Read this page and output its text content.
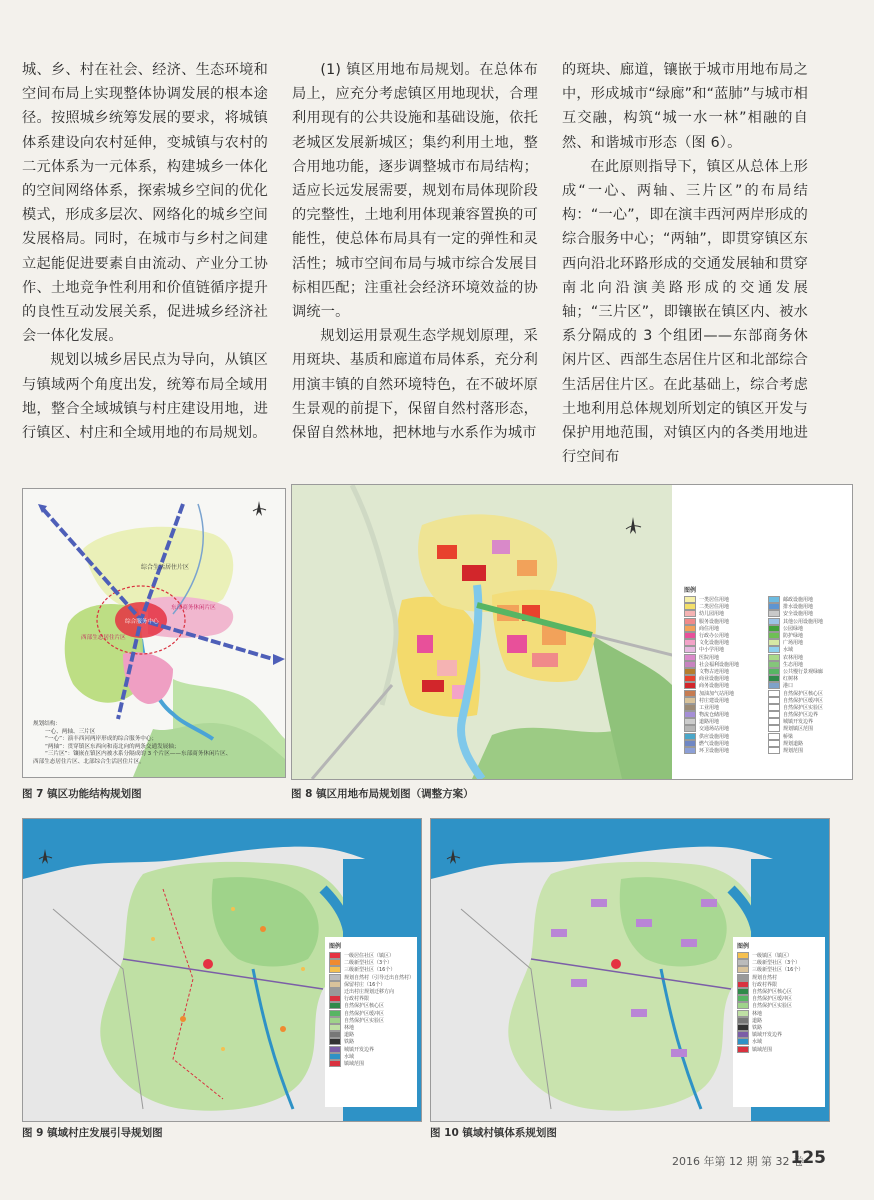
城、乡、村在社会、经济、生态环境和空间布局上实现整体协调发展的根本途径。按照城乡统筹发展的要求，将城镇体系建设向农村延伸，变城镇与农村的二元体系为一元体系，构建城乡一体化的空间网络体系，探索城乡空间的优化模式，形成多层次、网络化的城乡空间发展格局。同时，在城市与乡村之间建立起能促进要素自由流动、产业分工协作、土地竞争性利用和价值链循序提升的良性互动发展关系，促进城乡经济社会一体化发展。

规划以城乡居民点为导向，从镇区与镇域两个角度出发，统筹布局全域用地，整合全域城镇与村庄建设用地，进行镇区、村庄和全域用地的布局规划。

(1) 镇区用地布局规划。在总体布局上，应充分考虑镇区用地现状，合理利用现有的公共设施和基础设施，依托老城区发展新城区；集约利用土地，整合用地功能，逐步调整城市布局结构；适应长远发展需要，规划布局体现阶段的完整性，土地利用体现兼容置换的可能性，使总体布局具有一定的弹性和灵活性；城市空间布局与城市综合发展目标相匹配；注重社会经济环境效益的协调统一。

规划运用景观生态学规划原理，采用斑块、基质和廊道布局体系，充分利用演丰镇的自然环境特色，在不破坏原生景观的前提下，保留自然村落形态，保留自然林地，把林地与水系作为城市

的斑块、廊道，镶嵌于城市用地布局之中，形成城市“绿廊”和“蓝肺”与城市相互交融，构筑“城一水一林”相融的自然、和谐城市形态（图 6）。

在此原则指导下，镇区从总体上形成“一心、两轴、三片区”的布局结构：“一心”，即在演丰西河两岸形成的综合服务中心；“两轴”，即贯穿镇区东西向沿北环路形成的交通发展轴和贯穿南北向沿演美路形成的交通发展轴；“三片区”，即镶嵌在镇区内、被水系分隔成的 3 个组团——东部商务休闲片区、西部生态居住片区和北部综合生活居住片区。在此基础上，综合考虑土地利用总体规划所划定的镇区开发与保护用地范围，对镇区内的各类用地进行空间布

综合生活居住片区
综合服务中心
东部商务休闲片区
西部生态居住片区
规划结构：
一心、两轴、三片区
“一心”：演丰西河两岸形成的综合服务中心；
“两轴”：贯穿镇区东西向和南北向的两条交通发展轴；
“三片区”：镶嵌在镇区内被水系分隔成的 3 个片区——东部商务休闲片区、
西部生态居住片区、北部综合生活居住片区。
图 7 镇区功能结构规划图
图例
一类居住用地
二类居住用地
幼儿园用地
服务设施用地
商住用地
行政办公用地
文化设施用地
中小学用地
医院用地
社会福利设施用地
文物古迹用地
商业设施用地
商务设施用地
加油加气站用地
村庄建设用地
工业用地
物流仓储用地
道路用地
交通场站用地
供应设施用地
燃气设施用地
环卫设施用地
邮政设施用地
排水设施用地
安全设施用地
其他公用设施用地
公园绿地
防护绿地
广场用地
水域
农林用地
生态用地
公共慢行景观绿廊
红树林
港口
自然保护区核心区
自然保护区缓冲区
自然保护区实验区
自然保护区边界
城镇开发边界
规划镇区范围
桥梁
规划道路
规划范围
图 8 镇区用地布局规划图（调整方案）
图例
一级居住社区（镇区）
二级新型社区（3个）
三级新型社区（16个）
规划自然村（引导迁出自然村）
保留村庄（16个）
迁出村庄规划迁移方向
行政村界限
自然保护区核心区
自然保护区缓冲区
自然保护区实验区
林地
道路
铁路
城镇开发边界
水域
镇域范围
图 9 镇域村庄发展引导规划图
图例
一级镇区（镇区）
二级新型社区（3个）
三级新型社区（16个）
规划自然村
行政村界限
自然保护区核心区
自然保护区缓冲区
自然保护区实验区
林地
道路
铁路
镇域开发边界
水域
镇域范围
图 10 镇域村镇体系规划图
2016 年第 12 期 第 32 卷
125
